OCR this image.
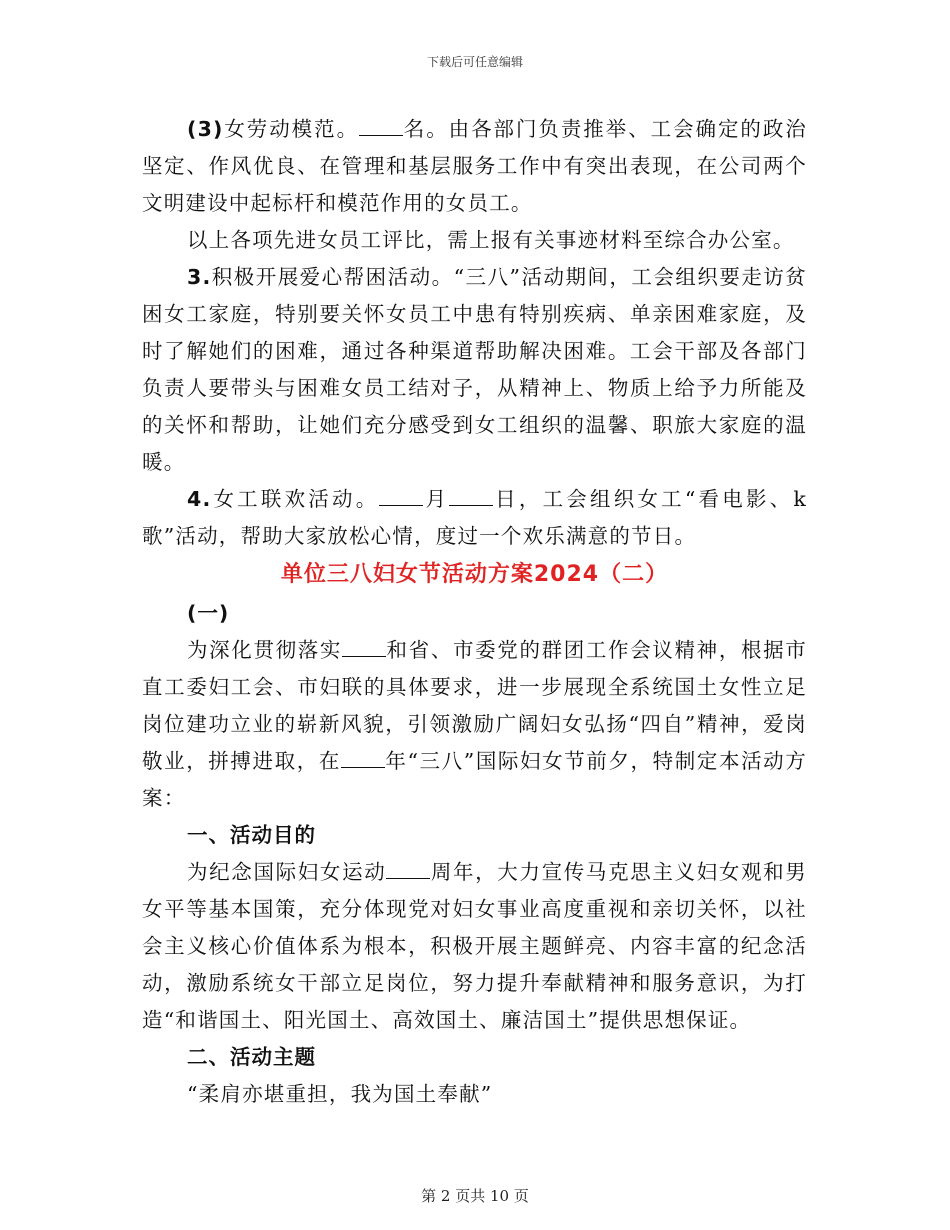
下载后可任意编辑

(3)女劳动模范。 名。由各部门负责推举、工会确定的政治坚定、作风优良、在管理和基层服务工作中有突出表现，在公司两个文明建设中起标杆和模范作用的女员工。

以上各项先进女员工评比，需上报有关事迹材料至综合办公室。

3.积极开展爱心帮困活动。“三八”活动期间，工会组织要走访贫困女工家庭，特别要关怀女员工中患有特别疾病、单亲困难家庭，及时了解她们的困难，通过各种渠道帮助解决困难。工会干部及各部门负责人要带头与困难女员工结对子，从精神上、物质上给予力所能及的关怀和帮助，让她们充分感受到女工组织的温馨、职旅大家庭的温暖。

4.女工联欢活动。 月 日，工会组织女工“看电影、k歌”活动，帮助大家放松心情，度过一个欢乐满意的节日。

单位三八妇女节活动方案2024（二）

(一)

为深化贯彻落实 和省、市委党的群团工作会议精神，根据市直工委妇工会、市妇联的具体要求，进一步展现全系统国土女性立足岗位建功立业的崭新风貌，引领激励广阔妇女弘扬“四自”精神，爱岗敬业，拼搏进取，在 年“三八”国际妇女节前夕，特制定本活动方案：

一、活动目的

为纪念国际妇女运动 周年，大力宣传马克思主义妇女观和男女平等基本国策，充分体现党对妇女事业高度重视和亲切关怀，以社会主义核心价值体系为根本，积极开展主题鲜亮、内容丰富的纪念活动，激励系统女干部立足岗位，努力提升奉献精神和服务意识，为打造“和谐国土、阳光国土、高效国土、廉洁国土”提供思想保证。

二、活动主题

“柔肩亦堪重担，我为国土奉献”

第 2 页共 10 页
